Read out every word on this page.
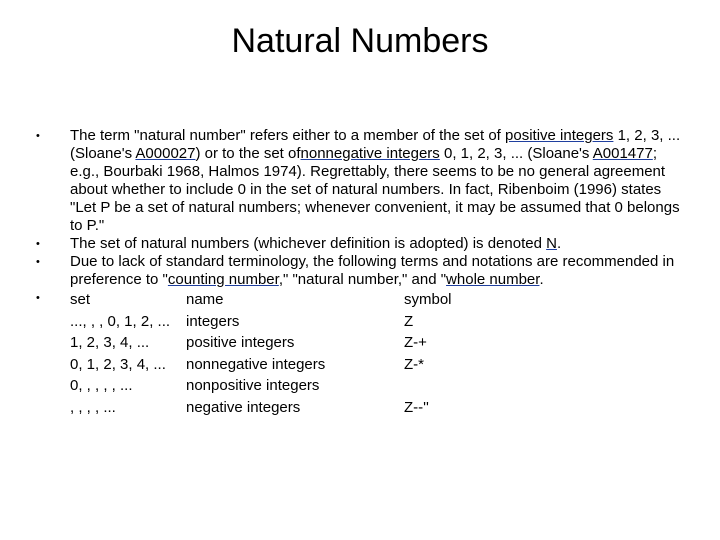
Natural Numbers
• The term "natural number" refers either to a member of the set of positive integers 1, 2, 3, ... (Sloane's A000027) or to the set ofnonnegative integers 0, 1, 2, 3, ... (Sloane's A001477; e.g., Bourbaki 1968, Halmos 1974). Regrettably, there seems to be no general agreement about whether to include 0 in the set of natural numbers. In fact, Ribenboim (1996) states "Let P be a set of natural numbers; whenever convenient, it may be assumed that 0 belongs to P."
• The set of natural numbers (whichever definition is adopted) is denoted N.
• Due to lack of standard terminology, the following terms and notations are recommended in preference to "counting number," "natural number," and "whole number.
• set	name	symbol
..., , , 0, 1, 2, ...	integers	Z
1, 2, 3, 4, ...	positive integers	Z-+
0, 1, 2, 3, 4, ...	nonnegative integers	Z-*
0, , , , , ...	nonpositive integers	
, , , , ...	negative integers	Z--''
